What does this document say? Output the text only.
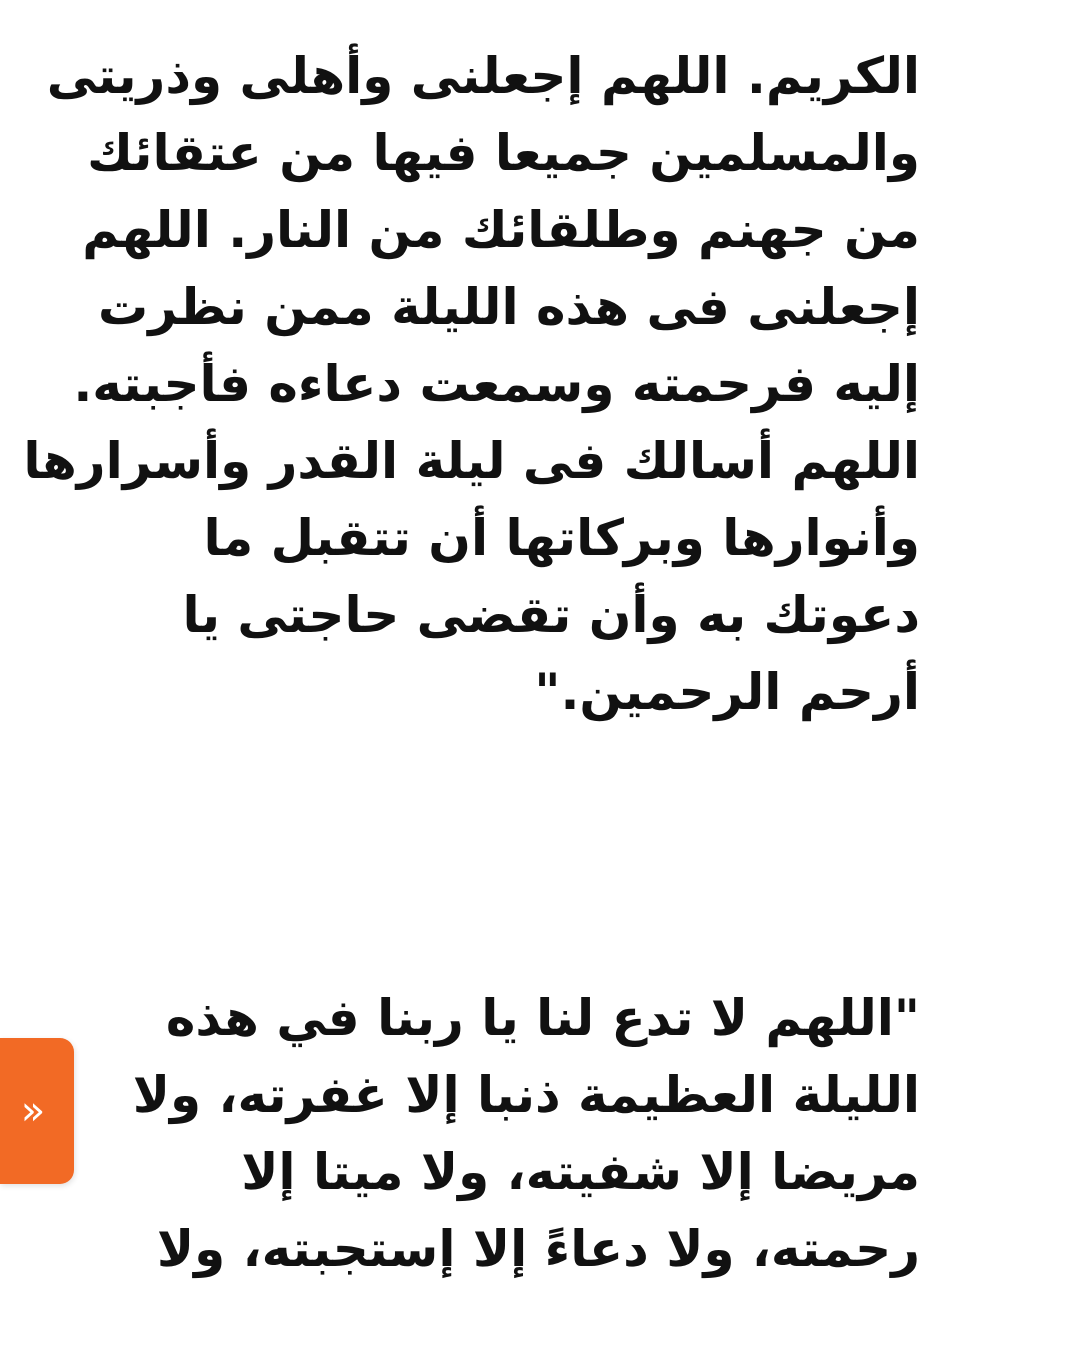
الكريم. اللهم إجعلنى وأهلى وذريتى
والمسلمين جميعا فيها من عتقائك
من جهنم وطلقائك من النار. اللهم
إجعلنى فى هذه الليلة ممن نظرت
إليه فرحمته وسمعت دعاءه فأجبته.
اللهم أسالك فى ليلة القدر وأسرارها
وأنوارها وبركاتها أن تتقبل ما
دعوتك به وأن تقضى حاجتى يا
أرحم الرحمين."
"اللهم لا تدع لنا يا ربنا في هذه
الليلة العظيمة ذنبا إلا غفرته، ولا
مريضا إلا شفيته، ولا ميتا إلا
رحمته، ولا دعاءً إلا إستجبته، ولا
»
